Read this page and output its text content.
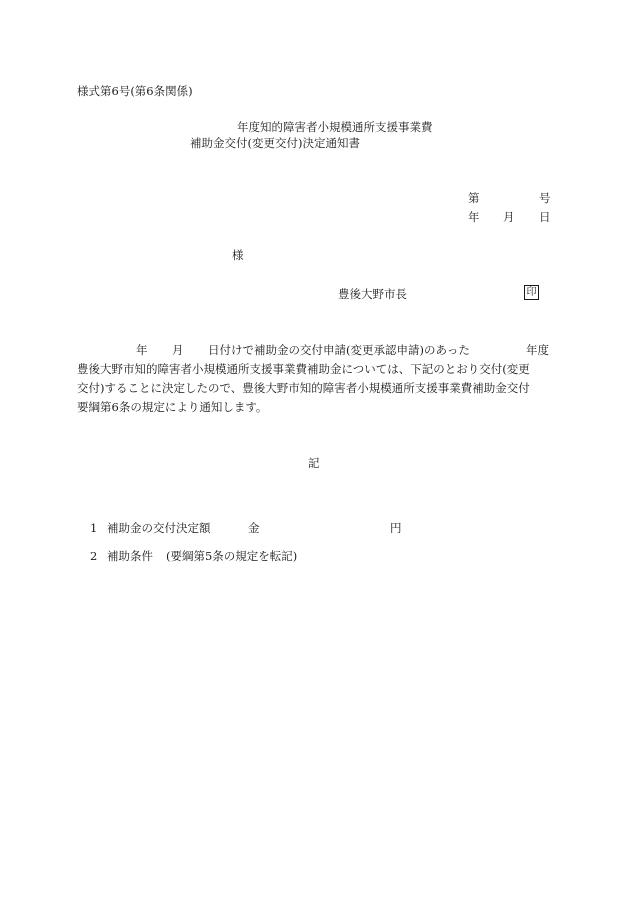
様式第6号(第6条関係)
年度知的障害者小規模通所支援事業費
補助金交付(変更交付)決定通知書
第	号
年 月 日
様
豊後大野市長	印
年 月 日付けで補助金の交付申請(変更承認申請)のあった	年度
豊後大野市知的障害者小規模通所支援事業費補助金については、下記のとおり交付(変更
交付)することに決定したので、豊後大野市知的障害者小規模通所支援事業費補助金交付
要綱第6条の規定により通知します。
記
1 補助金の交付決定額	金	円
2 補助条件 (要綱第5条の規定を転記)
